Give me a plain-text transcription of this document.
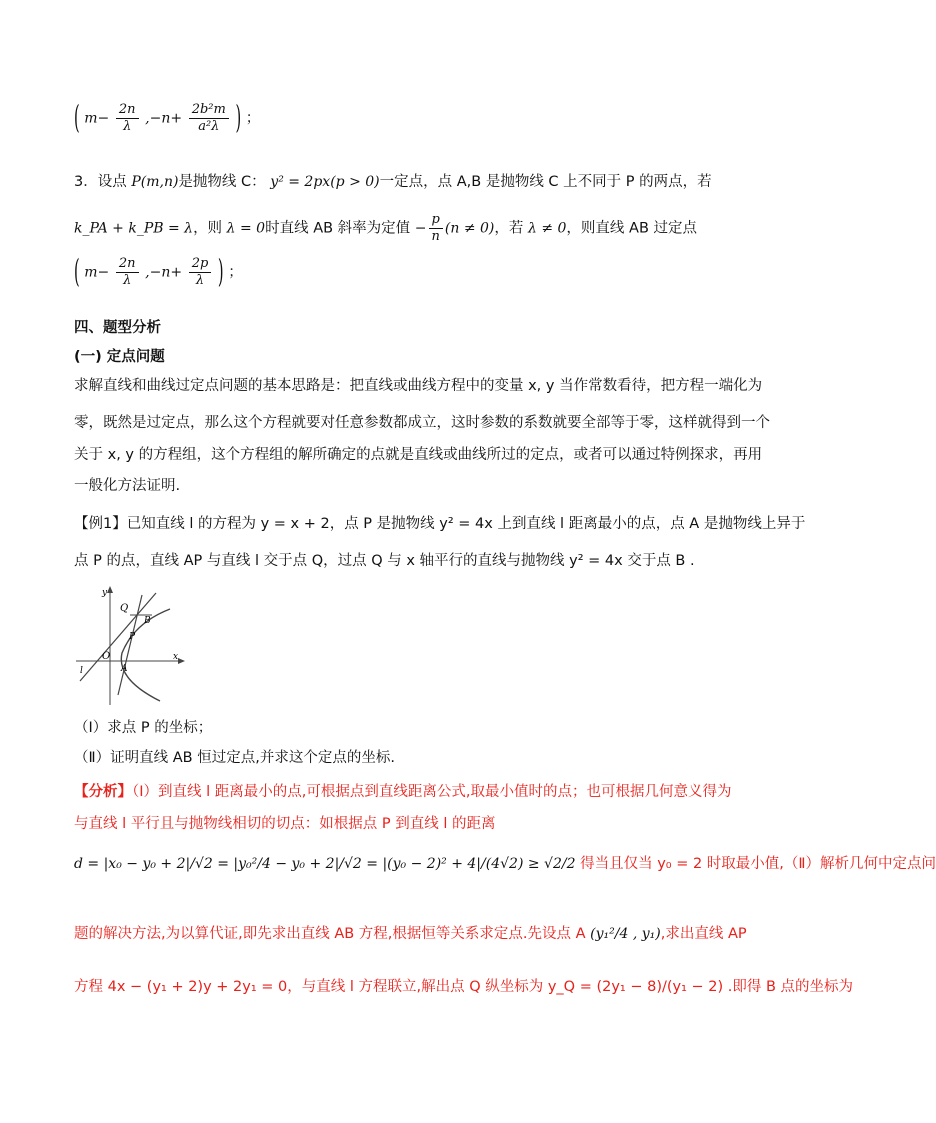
( $m- \frac{2n}{\lambda} ,-n+ \frac{\text{2b²m}}{\text{a²λ}}$ ) ；
3．设点 P(m,n)是抛物线 C： y² = 2px(p > 0)一定点，点 A,B 是抛物线 C 上不同于 P 的两点，若
k_PA + k_PB = λ，则 λ = 0时直线 AB 斜率为定值 − $\frac{p}{n} (n \ne 0)$，若 λ ≠ 0，则直线 AB 过定点
( $m- \frac{2n}{\lambda} ,-n+ \frac{2p}{\lambda}$ ) ；
四、题型分析
(一) 定点问题
求解直线和曲线过定点问题的基本思路是：把直线或曲线方程中的变量 x, y 当作常数看待，把方程一端化为
零，既然是过定点，那么这个方程就要对任意参数都成立，这时参数的系数就要全部等于零，这样就得到一个
关于 x, y 的方程组，这个方程组的解所确定的点就是直线或曲线所过的定点，或者可以通过特例探求，再用
一般化方法证明.
【例1】已知直线 l 的方程为 y = x + 2，点 P 是抛物线 y² = 4x 上到直线 l 距离最小的点，点 A 是抛物线上异于
点 P 的点，直线 AP 与直线 l 交于点 Q，过点 Q 与 x 轴平行的直线与抛物线 y² = 4x 交于点 B .
y
x
O
Q
B
P
A
l
（Ⅰ）求点 P 的坐标；
（Ⅱ）证明直线 AB 恒过定点,并求这个定点的坐标.
【分析】（Ⅰ）到直线 l 距离最小的点,可根据点到直线距离公式,取最小值时的点；也可根据几何意义得为
与直线 l 平行且与抛物线相切的切点：如根据点 P 到直线 l 的距离
d = |x₀ − y₀ + 2|/√2 = |y₀²/4 − y₀ + 2|/√2 = |(y₀ − 2)² + 4|/(4√2) ≥ √2/2 得当且仅当 y₀ = 2 时取最小值,（Ⅱ）解析几何中定点问
题的解决方法,为以算代证,即先求出直线 AB 方程,根据恒等关系求定点.先设点 A (y₁²/4 , y₁),求出直线 AP
方程 4x − (y₁ + 2)y + 2y₁ = 0，与直线 l 方程联立,解出点 Q 纵坐标为 y_Q = (2y₁ − 8)/(y₁ − 2) .即得 B 点的坐标为
